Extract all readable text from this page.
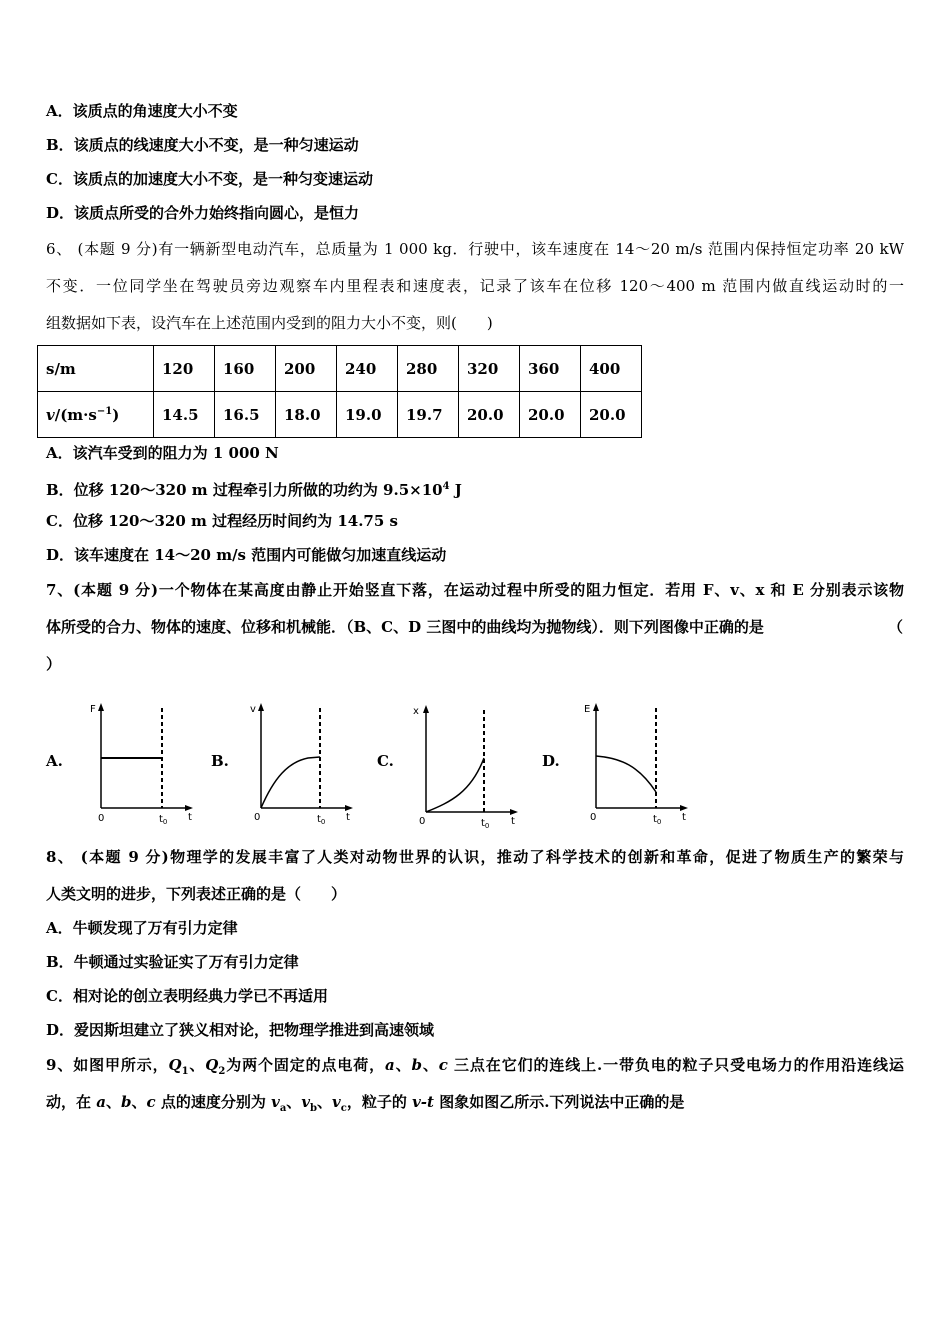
A．该质点的角速度大小不变
B．该质点的线速度大小不变，是一种匀速运动
C．该质点的加速度大小不变，是一种匀变速运动
D．该质点所受的合外力始终指向圆心，是恒力
6、 (本题 9 分)有一辆新型电动汽车，总质量为 1 000 kg．行驶中，该车速度在 14～20 m/s 范围内保持恒定功率 20 kW
不变．一位同学坐在驾驶员旁边观察车内里程表和速度表，记录了该车在位移 120～400 m 范围内做直线运动时的一
组数据如下表，设汽车在上述范围内受到的阻力大小不变，则(　　)
s/m	120	160	200	240	280	320	360	400
$v/(m\cdot s^{-1})$	14.5	16.5	18.0	19.0	19.7	20.0	20.0	20.0
A．该汽车受到的阻力为 1 000 N
B．位移 120～320 m 过程牵引力所做的功约为 $9.5\times 10^4$ J
C．位移 120～320 m 过程经历时间约为 14.75 s
D．该车速度在 14～20 m/s 范围内可能做匀加速直线运动
7、(本题 9 分)一个物体在某高度由静止开始竖直下落，在运动过程中所受的阻力恒定．若用 F、v、x 和 E 分别表示该物
体所受的合力、物体的速度、位移和机械能．（B、C、D 三图中的曲线均为抛物线）．则下列图像中正确的是	（
）
A.	B.	C.	D.
F
0	$t_0$ t
v
0	$t_0$ t
x
0	$t_0$ t
E
0	$t_0$ t
8、 (本题 9 分)物理学的发展丰富了人类对动物世界的认识，推动了科学技术的创新和革命，促进了物质生产的繁荣与
人类文明的进步，下列表述正确的是（　　）
A．牛顿发现了万有引力定律
B．牛顿通过实验证实了万有引力定律
C．相对论的创立表明经典力学已不再适用
D．爱因斯坦建立了狭义相对论，把物理学推进到高速领域
9、如图甲所示，$Q_1$、$Q_2$为两个固定的点电荷，a、b、c 三点在它们的连线上.一带负电的粒子只受电场力的作用沿连线运
动，在 a、b、c 点的速度分别为 $v_a$、$v_b$、$v_c$，粒子的 v-t 图象如图乙所示.下列说法中正确的是
